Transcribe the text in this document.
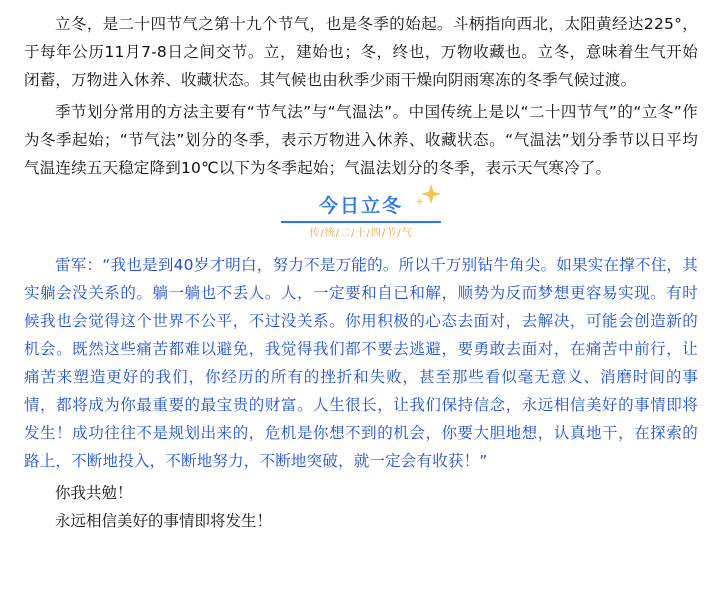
立冬，是二十四节气之第十九个节气，也是冬季的始起。斗柄指向西北，太阳黄经达225°，于每年公历11月7-8日之间交节。立，建始也；冬，终也，万物收藏也。立冬，意味着生气开始闭蓄，万物进入休养、收藏状态。其气候也由秋季少雨干燥向阴雨寒冻的冬季气候过渡。

季节划分常用的方法主要有“节气法”与“气温法”。中国传统上是以“二十四节气”的“立冬”作为冬季起始；“节气法”划分的冬季，表示万物进入休养、收藏状态。“气温法”划分季节以日平均气温连续五天稳定降到10℃以下为冬季起始；气温法划分的冬季，表示天气寒冷了。

今日立冬
传/统/二/十/四/节/气

雷军：“我也是到40岁才明白，努力不是万能的。所以千万别钻牛角尖。如果实在撑不住，其实躺会没关系的。躺一躺也不丢人。人，一定要和自已和解，顺势为反而梦想更容易实现。有时候我也会觉得这个世界不公平，不过没关系。你用积极的心态去面对，去解决，可能会创造新的机会。既然这些痛苦都难以避免，我觉得我们都不要去逃避，要勇敢去面对，在痛苦中前行，让痛苦来塑造更好的我们，你经历的所有的挫折和失败，甚至那些看似毫无意义、消磨时间的事情，都将成为你最重要的最宝贵的财富。人生很长，让我们保持信念，永远相信美好的事情即将发生！成功往往不是规划出来的，危机是你想不到的机会，你要大胆地想，认真地干，在探索的路上，不断地投入，不断地努力，不断地突破，就一定会有收获！”

你我共勉！

永远相信美好的事情即将发生！
